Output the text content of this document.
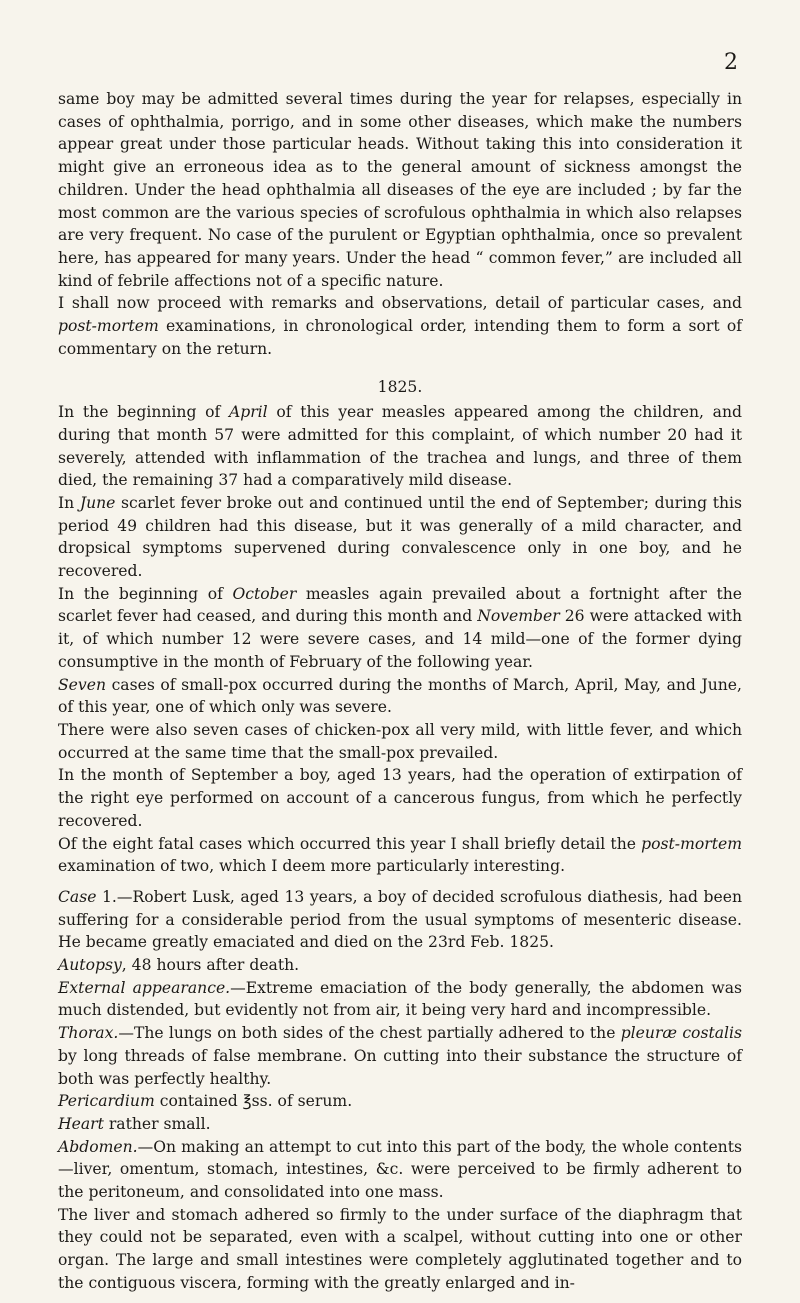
2

same boy may be admitted several times during the year for relapses, especially in cases of ophthalmia, porrigo, and in some other diseases, which make the numbers appear great under those particular heads. Without taking this into consideration it might give an erroneous idea as to the general amount of sickness amongst the children. Under the head ophthalmia all diseases of the eye are included ; by far the most common are the various species of scrofulous ophthalmia in which also relapses are very frequent. No case of the purulent or Egyptian ophthalmia, once so prevalent here, has appeared for many years. Under the head “ common fever,” are included all kind of febrile affections not of a specific nature.

I shall now proceed with remarks and observations, detail of particular cases, and post-mortem examinations, in chronological order, intending them to form a sort of commentary on the return.

1825.

In the beginning of April of this year measles appeared among the children, and during that month 57 were admitted for this complaint, of which number 20 had it severely, attended with inflammation of the trachea and lungs, and three of them died, the remaining 37 had a comparatively mild disease.

In June scarlet fever broke out and continued until the end of September; during this period 49 children had this disease, but it was generally of a mild character, and dropsical symptoms supervened during convalescence only in one boy, and he recovered.

In the beginning of October measles again prevailed about a fortnight after the scarlet fever had ceased, and during this month and November 26 were attacked with it, of which number 12 were severe cases, and 14 mild—one of the former dying consumptive in the month of February of the following year.

Seven cases of small-pox occurred during the months of March, April, May, and June, of this year, one of which only was severe.

There were also seven cases of chicken-pox all very mild, with little fever, and which occurred at the same time that the small-pox prevailed.

In the month of September a boy, aged 13 years, had the operation of extirpation of the right eye performed on account of a cancerous fungus, from which he perfectly recovered.

Of the eight fatal cases which occurred this year I shall briefly detail the post-mortem examination of two, which I deem more particularly interesting.

Case 1.—Robert Lusk, aged 13 years, a boy of decided scrofulous diathesis, had been suffering for a considerable period from the usual symptoms of mesenteric disease. He became greatly emaciated and died on the 23rd Feb. 1825.

Autopsy, 48 hours after death.

External appearance.—Extreme emaciation of the body generally, the abdomen was much distended, but evidently not from air, it being very hard and incompressible.

Thorax.—The lungs on both sides of the chest partially adhered to the pleuræ costalis by long threads of false membrane. On cutting into their substance the structure of both was perfectly healthy.

Pericardium contained ℥ss. of serum.

Heart rather small.

Abdomen.—On making an attempt to cut into this part of the body, the whole contents—liver, omentum, stomach, intestines, &c. were perceived to be firmly adherent to the peritoneum, and consolidated into one mass.

The liver and stomach adhered so firmly to the under surface of the diaphragm that they could not be separated, even with a scalpel, without cutting into one or other organ. The large and small intestines were completely agglutinated together and to the contiguous viscera, forming with the greatly enlarged and in-
